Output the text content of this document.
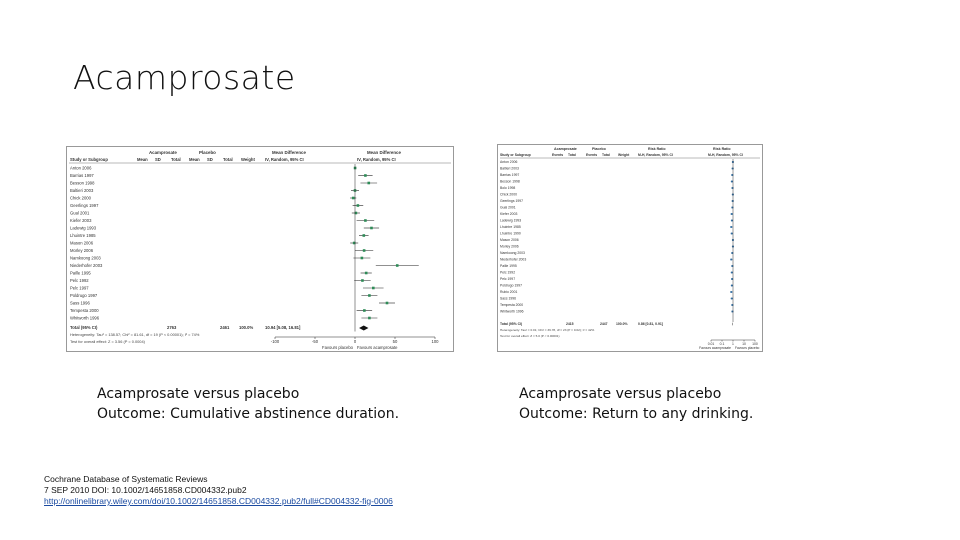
Acamprosate
Acamprosate	Placebo	Mean Difference	Mean Difference
Study or Subgroup	Mean SD Total Mean SD Total Weight IV, Random, 95% CI	IV, Random, 95% CI
Anton 2006
Barrias 1997
Besson 1998
Baltieri 2003
Chick 2000
Geerlings 1997
Gual 2001
Kiefer 2003
Ladewig 1993
Lhuintre 1985
Mason 2006
Morley 2006
Namkoong 2003
Niederhofer 2003
Paille 1995
Pelc 1992
Pelc 1997
Poldrugo 1997
Sass 1996
Tempesta 2000
Whitworth 1996
Total (95% CI)	2763	2461 100.0%	10.94 [5.08, 16.81]
Heterogeneity: Tau² = 138.57; Chi² = 81.61, df = 19 (P < 0.00001); I² = 74%
Test for overall effect: Z = 3.56 (P = 0.0004)	-100	-50	0	50	100
Favours placebo Favours acamprosate
Acamprosate	Placebo	Risk Ratio	Risk Ratio
Study or Subgroup	Events Total	Events Total Weight	M-H, Random, 95% CI	M-H, Random, 95% CI
Anton 2006
Baltieri 2003
Barrias 1997
Besson 1998
Bolo 1998
Chick 2000
Geerlings 1997
Gual 2001
Kiefer 2003
Ladewig 1993
Lhuintre 1985
Lhuintre 1990
Mason 2006
Morley 2006
Namkoong 2003
Niederhofer 2003
Paille 1995
Pelc 1992
Pelc 1997
Poldrugo 1997
Rubio 2001
Sass 1996
Tempesta 2000
Whitworth 1996
Total (95% CI)	2415	2447 100.0%	0.86 [0.81, 0.91]
Heterogeneity: Tau² = 0.01; Chi² = 39.78, df = 23 (P = 0.02); I² = 42%
Test for overall effect: Z = 5.0 (P < 0.00001)
0.01 0.1 1 10 100
Favours acamprosate Favours placebo
Acamprosate versus placebo
Outcome: Cumulative abstinence duration.
Acamprosate versus placebo
Outcome: Return to any drinking.
Cochrane Database of Systematic Reviews
7 SEP 2010 DOI: 10.1002/14651858.CD004332.pub2
http://onlinelibrary.wiley.com/doi/10.1002/14651858.CD004332.pub2/full#CD004332-fig-0006
